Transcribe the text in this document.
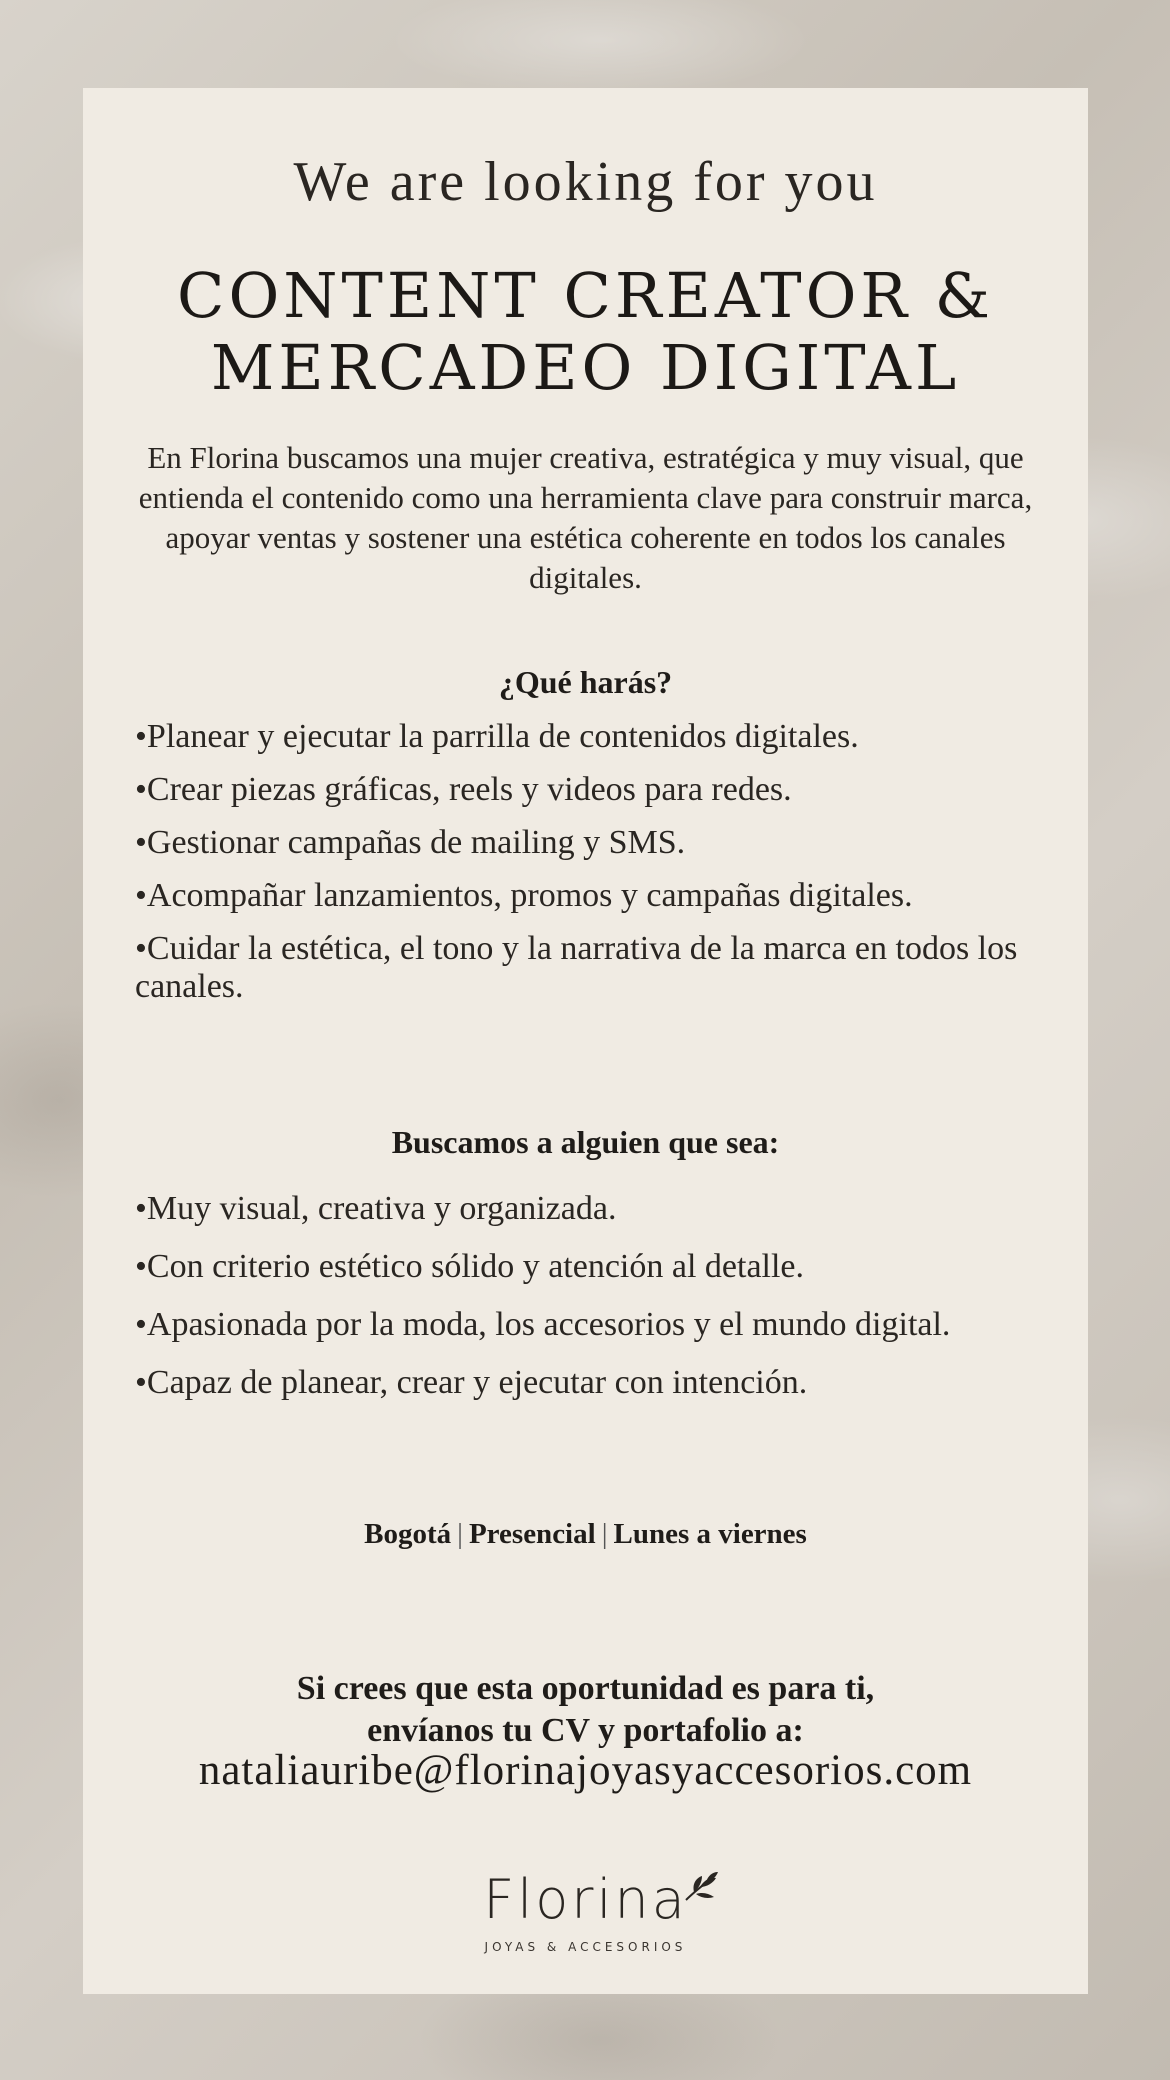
We are looking for you
CONTENT CREATOR &
MERCADEO DIGITAL
En Florina buscamos una mujer creativa, estratégica y muy visual, que entienda el contenido como una herramienta clave para construir marca, apoyar ventas y sostener una estética coherente en todos los canales digitales.
¿Qué harás?
•Planear y ejecutar la parrilla de contenidos digitales.
•Crear piezas gráficas, reels y videos para redes.
•Gestionar campañas de mailing y SMS.
•Acompañar lanzamientos, promos y campañas digitales.
•Cuidar la estética, el tono y la narrativa de la marca en todos los canales.
Buscamos a alguien que sea:
•Muy visual, creativa y organizada.
•Con criterio estético sólido y atención al detalle.
•Apasionada por la moda, los accesorios y el mundo digital.
•Capaz de planear, crear y ejecutar con intención.
Bogotá | Presencial | Lunes a viernes
Si crees que esta oportunidad es para ti,
envíanos tu CV y portafolio a:
nataliauribe@florinajoyasyaccesorios.com
Florina
JOYAS & ACCESORIOS
